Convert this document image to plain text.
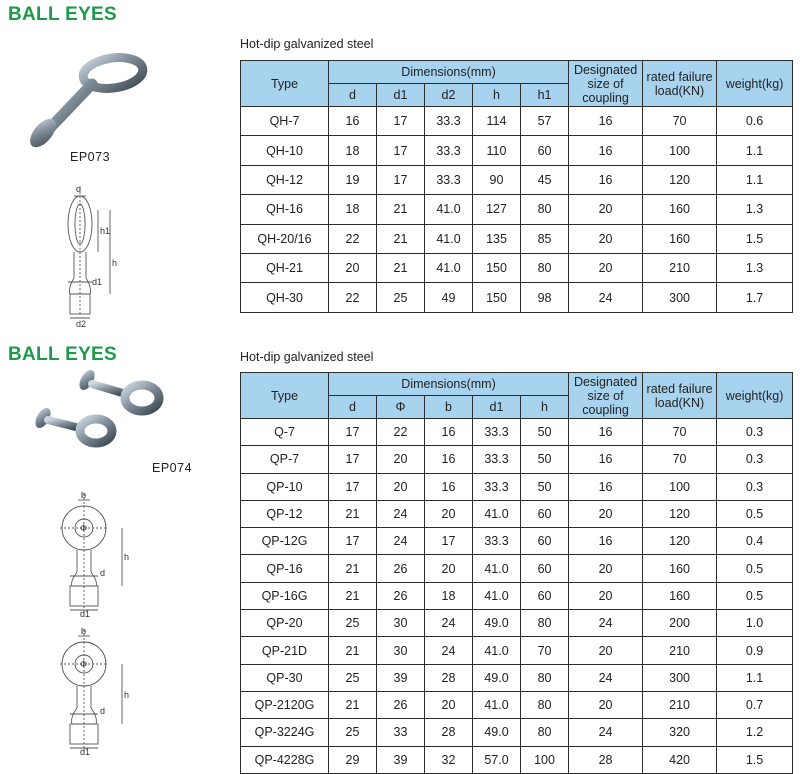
BALL EYES
Hot-dip galvanized steel
EP073
d
h1
h
d1
d2
Type	Dimensions(mm)					Designated size of coupling	rated failure load(KN)	weight(kg)
	d	d1	d2	h	h1			
QH-7	16	17	33.3	114	57	16	70	0.6
QH-10	18	17	33.3	110	60	16	100	1.1
QH-12	19	17	33.3	90	45	16	120	1.1
QH-16	18	21	41.0	127	80	20	160	1.3
QH-20/16	22	21	41.0	135	85	20	160	1.5
QH-21	20	21	41.0	150	80	20	210	1.3
QH-30	22	25	49	150	98	24	300	1.7
BALL EYES	Hot-dip galvanized steel
EP074
b
Φ
h
d
d1
b
Φ
h
d
d1
Type	Dimensions(mm)					Designated size of coupling	rated failure load(KN)	weight(kg)
	d	Φ	b	d1	h			
Q-7	17	22	16	33.3	50	16	70	0.3
QP-7	17	20	16	33.3	50	16	70	0.3
QP-10	17	20	16	33.3	50	16	100	0.3
QP-12	21	24	20	41.0	60	20	120	0.5
QP-12G	17	24	17	33.3	60	16	120	0.4
QP-16	21	26	20	41.0	60	20	160	0.5
QP-16G	21	26	18	41.0	60	20	160	0.5
QP-20	25	30	24	49.0	80	24	200	1.0
QP-21D	21	30	24	41.0	70	20	210	0.9
QP-30	25	39	28	49.0	80	24	300	1.1
QP-2120G	21	26	20	41.0	80	20	210	0.7
QP-3224G	25	33	28	49.0	80	24	320	1.2
QP-4228G	29	39	32	57.0	100	28	420	1.5
